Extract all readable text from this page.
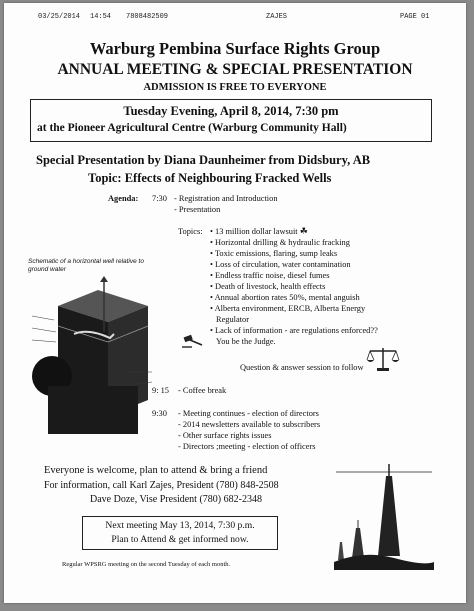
03/25/2014 14:54 7808482509	ZAJES	PAGE 01
Warburg Pembina Surface Rights Group
ANNUAL MEETING & SPECIAL PRESENTATION
ADMISSION IS FREE TO EVERYONE
Tuesday Evening, April 8, 2014, 7:30 pm
at the Pioneer Agricultural Centre (Warburg Community Hall)
Special Presentation by Diana Daunheimer from Didsbury, AB
Topic: Effects of Neighbouring Fracked Wells
Agenda: 7:30 - Registration and Introduction
- Presentation
Topics: • 13 million dollar lawsuit ☘
• Horizontal drilling & hydraulic fracking
• Toxic emissions, flaring, sump leaks
• Loss of circulation, water contamination
• Endless traffic noise, diesel fumes
• Death of livestock, health effects
• Annual abortion rates 50%, mental anguish
• Alberta environment, ERCB, Alberta Energy
Regulator
• Lack of information - are regulations enforced??
You be the Judge.
Question & answer session to follow
Schematic of a horizontal well relative to ground water
9: 15 - Coffee break
9:30 - Meeting continues - election of directors
- 2014 newsletters available to subscribers
- Other surface rights issues
- Directors ;meeting - election of officers
Everyone is welcome, plan to attend & bring a friend
For information, call Karl Zajes, President (780) 848-2508
Dave Doze, Vise President (780) 682-2348
Next meeting May 13, 2014, 7:30 p.m.
Plan to Attend & get informed now.
Regular WPSRG meeting on the second Tuesday of each month.
